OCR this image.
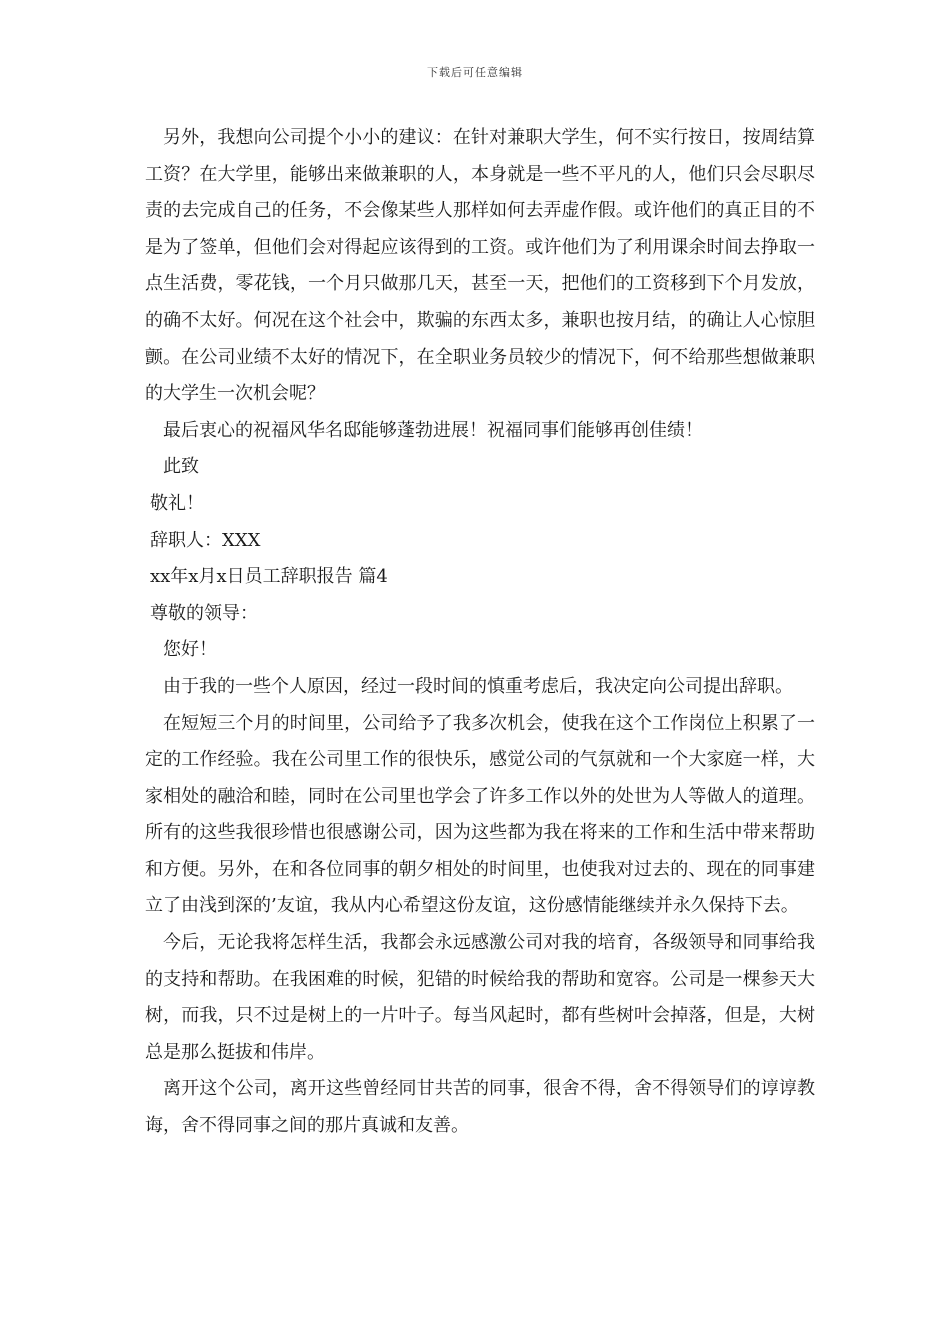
下载后可任意编辑

另外，我想向公司提个小小的建议：在针对兼职大学生，何不实行按日，按周结算工资？在大学里，能够出来做兼职的人，本身就是一些不平凡的人，他们只会尽职尽责的去完成自己的任务，不会像某些人那样如何去弄虚作假。或许他们的真正目的不是为了签单，但他们会对得起应该得到的工资。或许他们为了利用课余时间去挣取一点生活费，零花钱，一个月只做那几天，甚至一天，把他们的工资移到下个月发放，的确不太好。何况在这个社会中，欺骗的东西太多，兼职也按月结，的确让人心惊胆颤。在公司业绩不太好的情况下，在全职业务员较少的情况下，何不给那些想做兼职的大学生一次机会呢？

最后衷心的祝福风华名邸能够蓬勃进展！祝福同事们能够再创佳绩！

此致

敬礼！

辞职人：XXX

xx年x月x日员工辞职报告 篇4

尊敬的领导：

您好！

由于我的一些个人原因，经过一段时间的慎重考虑后，我决定向公司提出辞职。

在短短三个月的时间里，公司给予了我多次机会，使我在这个工作岗位上积累了一定的工作经验。我在公司里工作的很快乐，感觉公司的气氛就和一个大家庭一样，大家相处的融洽和睦，同时在公司里也学会了许多工作以外的处世为人等做人的道理。所有的这些我很珍惜也很感谢公司，因为这些都为我在将来的工作和生活中带来帮助和方便。另外，在和各位同事的朝夕相处的时间里，也使我对过去的、现在的同事建立了由浅到深的’友谊，我从内心希望这份友谊，这份感情能继续并永久保持下去。

今后，无论我将怎样生活，我都会永远感激公司对我的培育，各级领导和同事给我的支持和帮助。在我困难的时候，犯错的时候给我的帮助和宽容。公司是一棵参天大树，而我，只不过是树上的一片叶子。每当风起时，都有些树叶会掉落，但是，大树总是那么挺拔和伟岸。

离开这个公司，离开这些曾经同甘共苦的同事，很舍不得，舍不得领导们的谆谆教诲，舍不得同事之间的那片真诚和友善。
